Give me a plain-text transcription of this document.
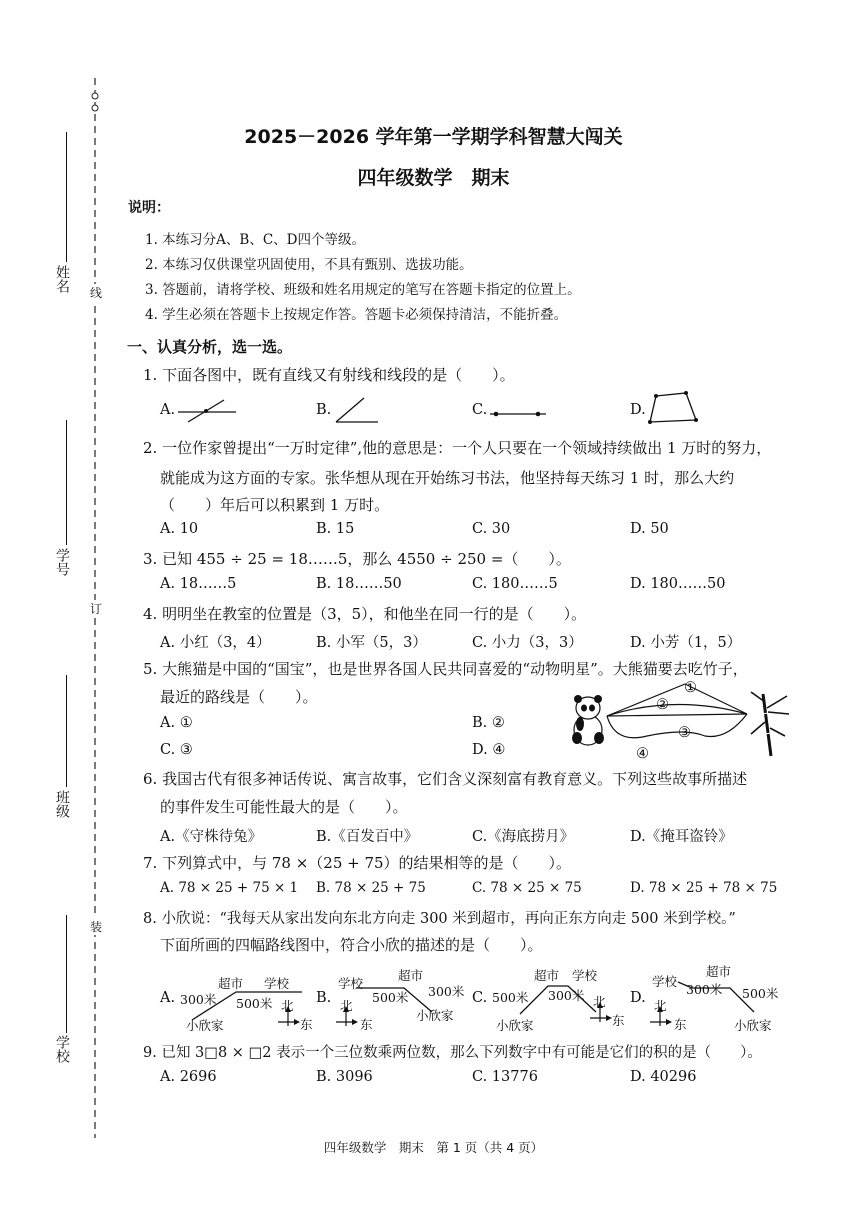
线
订
装
姓名
学号
班级
学校
2025－2026 学年第一学期学科智慧大闯关
四年级数学　期末
说明：
1. 本练习分A、B、C、D四个等级。
2. 本练习仅供课堂巩固使用，不具有甄别、选拔功能。
3. 答题前，请将学校、班级和姓名用规定的笔写在答题卡指定的位置上。
4. 学生必须在答题卡上按规定作答。答题卡必须保持清洁，不能折叠。
一、认真分析，选一选。
1. 下面各图中，既有直线又有射线和线段的是（　　）。
A.	B.	C.	D.
2. 一位作家曾提出“一万时定律”,他的意思是：一个人只要在一个领域持续做出 1 万时的努力，
就能成为这方面的专家。张华想从现在开始练习书法，他坚持每天练习 1 时，那么大约
（　　）年后可以积累到 1 万时。
A. 10	B. 15	C. 30	D. 50
3. 已知 455 ÷ 25 = 18……5，那么 4550 ÷ 250 =（　　）。
A. 18……5	B. 18……50	C. 180……5	D. 180……50
4. 明明坐在教室的位置是（3，5），和他坐在同一行的是（　　）。
A. 小红（3，4）	B. 小军（5，3）	C. 小力（3，3）	D. 小芳（1，5）
5. 大熊猫是中国的“国宝”，也是世界各国人民共同喜爱的“动物明星”。大熊猫要去吃竹子，
最近的路线是（　　）。
A. ①	B. ②
C. ③	D. ④
①
②
③
④
6. 我国古代有很多神话传说、寓言故事，它们含义深刻富有教育意义。下列这些故事所描述
的事件发生可能性最大的是（　　）。
A.《守株待兔》	B.《百发百中》	C.《海底捞月》	D.《掩耳盗铃》
7. 下列算式中，与 78 ×（25 + 75）的结果相等的是（　　）。
A. 78 × 25 + 75 × 1 B. 78 × 25 + 75	C. 78 × 25 × 75	D. 78 × 25 + 78 × 75
8. 小欣说：“我每天从家出发向东北方向走 300 米到超市，再向正东方向走 500 米到学校。”
下面所画的四幅路线图中，符合小欣的描述的是（　　）。
A.
超市 学校
300米 500米
小欣家
北
东
B.
学校
超市
500米 300米
小欣家
北
东
C.
超市 学校
500米 300米
小欣家
北
东
D.
学校
超市
300米 500米
小欣家
北
东
9. 已知 3□8 × □2 表示一个三位数乘两位数，那么下列数字中有可能是它们的积的是（　　）。
A. 2696	B. 3096	C. 13776	D. 40296
四年级数学　期末　第 1 页（共 4 页）
